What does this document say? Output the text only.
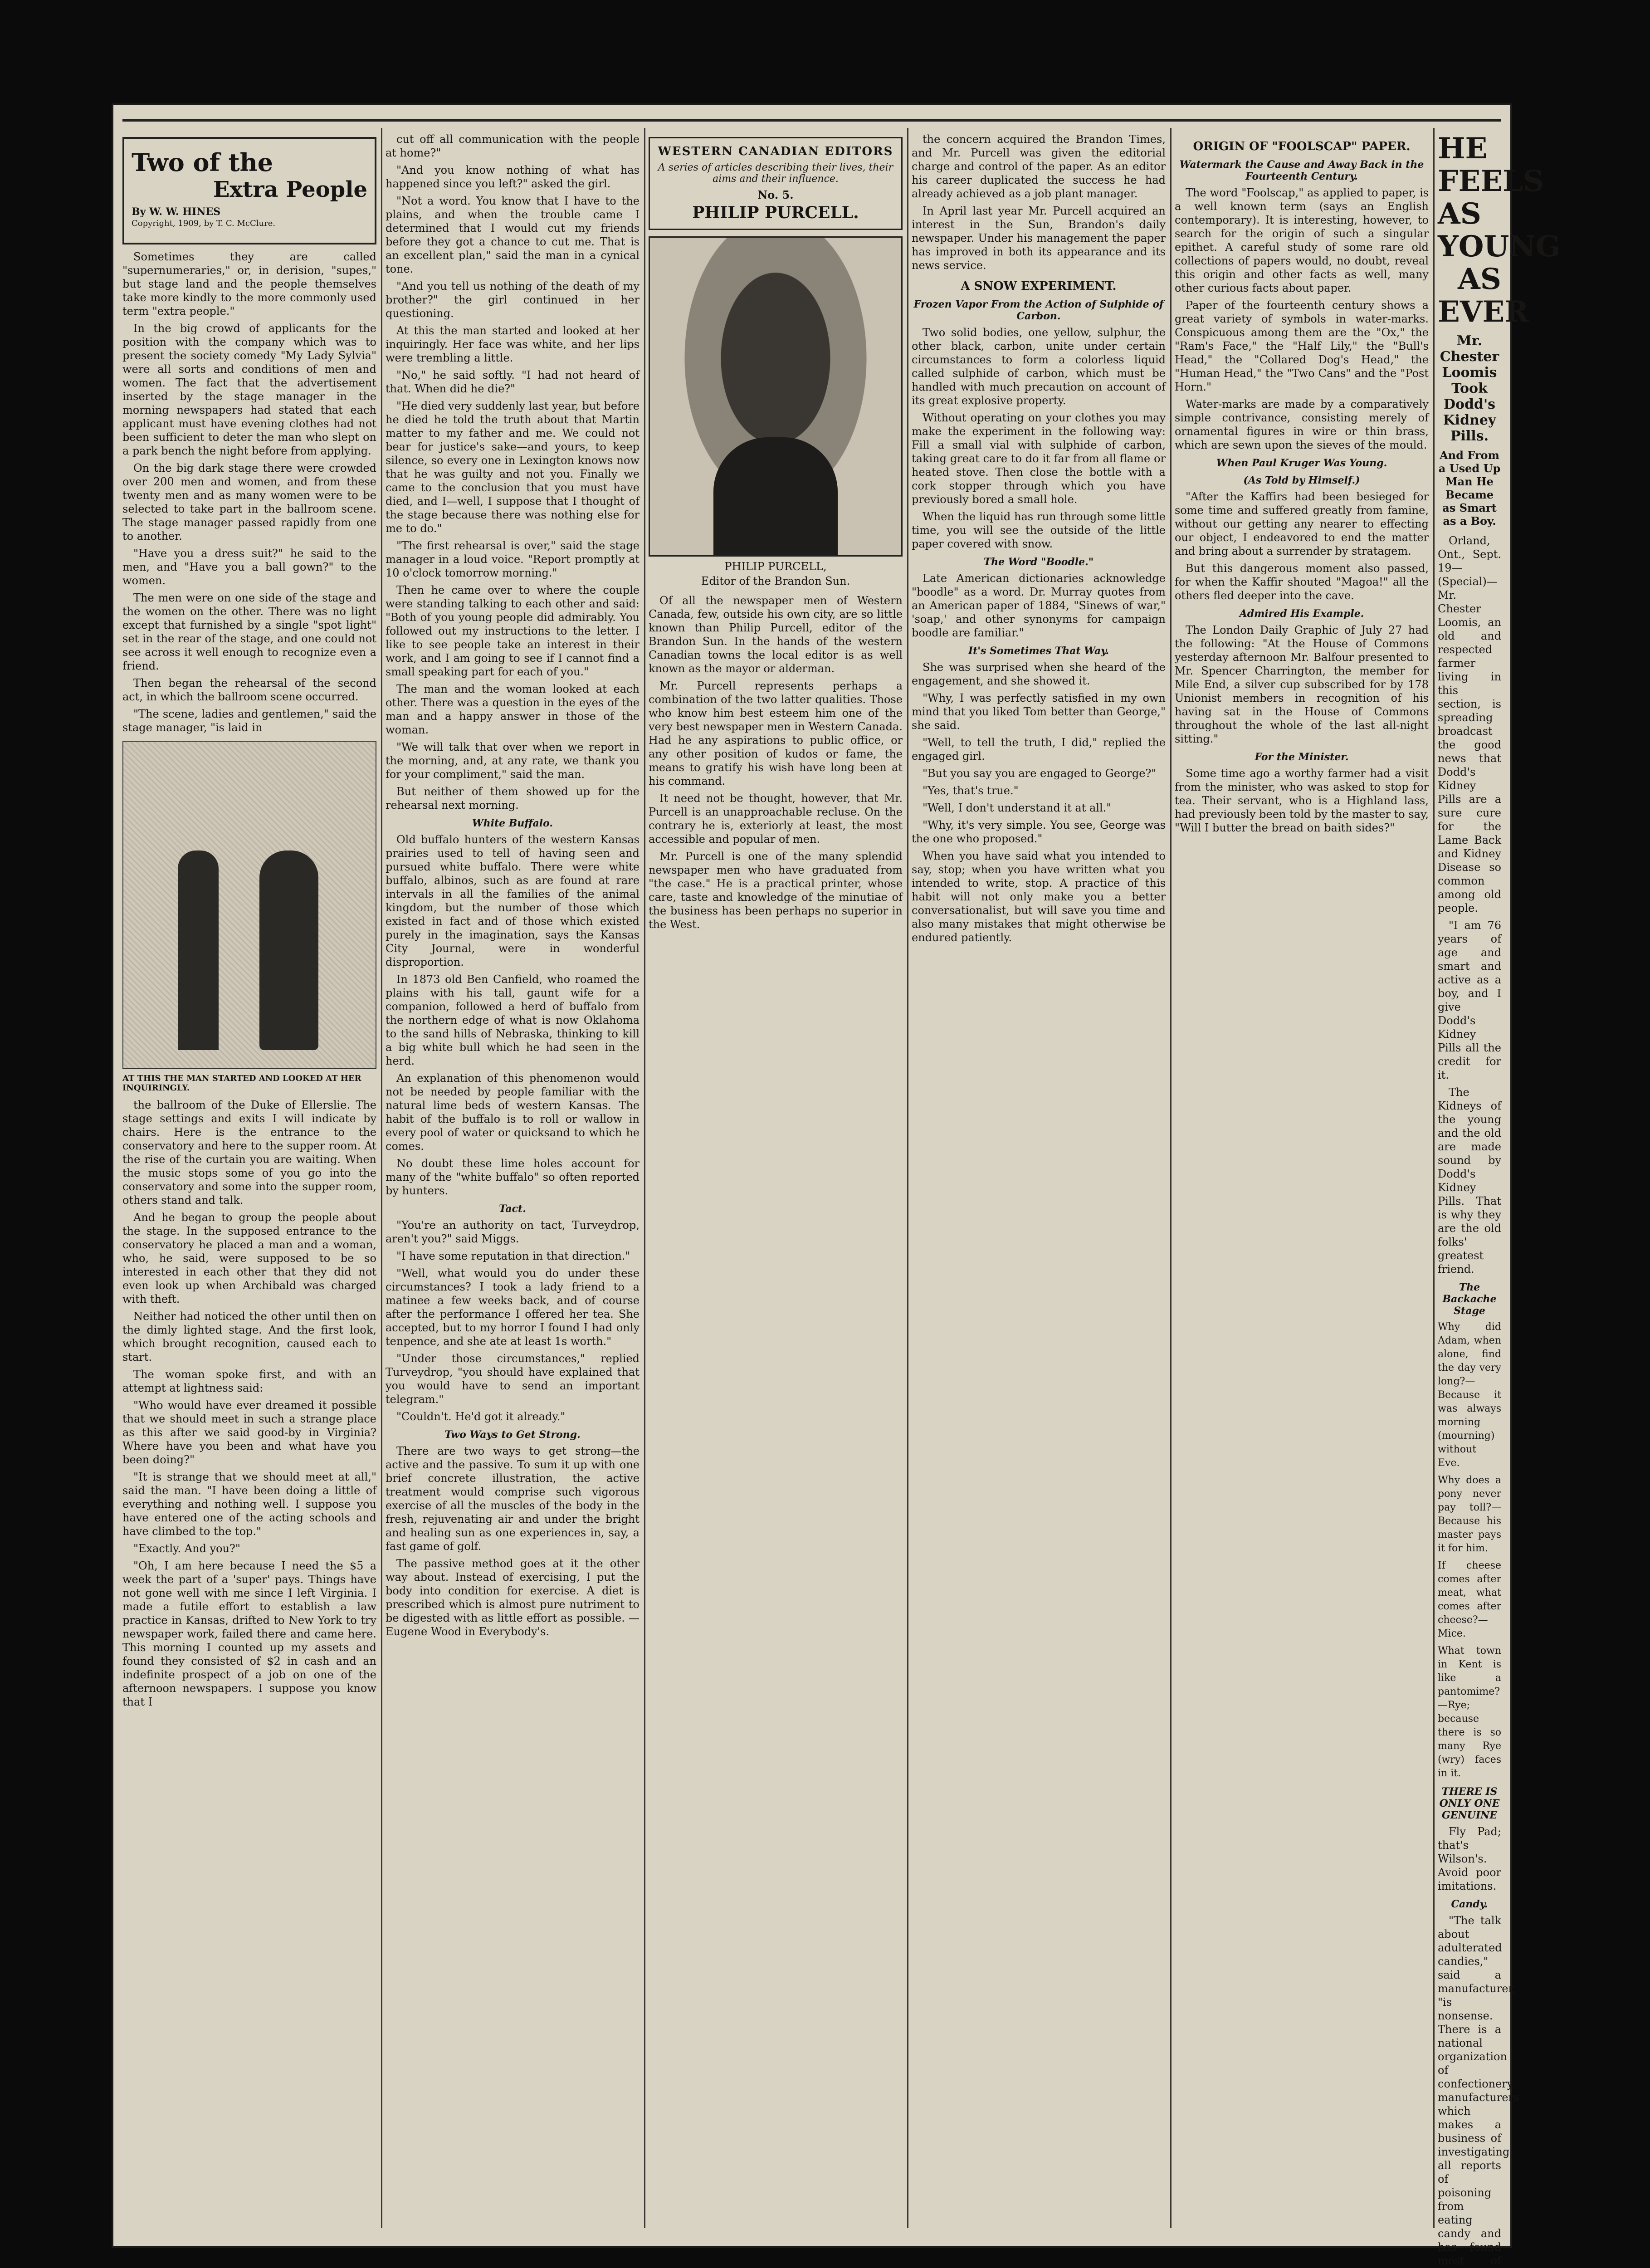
Two of the
Extra People
By W. W. HINES
Copyright, 1909, by T. C. McClure.

Sometimes they are called "supernumeraries," or, in derision, "supes," but stage land and the people themselves take more kindly to the more commonly used term "extra people."

In the big crowd of applicants for the position with the company which was to present the society comedy "My Lady Sylvia" were all sorts and conditions of men and women. The fact that the advertisement inserted by the stage manager in the morning newspapers had stated that each applicant must have evening clothes had not been sufficient to deter the man who slept on a park bench the night before from applying.

On the big dark stage there were crowded over 200 men and women, and from these twenty men and as many women were to be selected to take part in the ballroom scene. The stage manager passed rapidly from one to another.

"Have you a dress suit?" he said to the men, and "Have you a ball gown?" to the women.

The men were on one side of the stage and the women on the other. There was no light except that furnished by a single "spot light" set in the rear of the stage, and one could not see across it well enough to recognize even a friend.

Then began the rehearsal of the second act, in which the ballroom scene occurred.

"The scene, ladies and gentlemen," said the stage manager, "is laid in

AT THIS THE MAN STARTED AND LOOKED AT HER INQUIRINGLY.

the ballroom of the Duke of Ellerslie. The stage settings and exits I will indicate by chairs. Here is the entrance to the conservatory and here to the supper room. At the rise of the curtain you are waiting. When the music stops some of you go into the conservatory and some into the supper room, others stand and talk.

And he began to group the people about the stage. In the supposed entrance to the conservatory he placed a man and a woman, who, he said, were supposed to be so interested in each other that they did not even look up when Archibald was charged with theft.

Neither had noticed the other until then on the dimly lighted stage. And the first look, which brought recognition, caused each to start.

The woman spoke first, and with an attempt at lightness said:

"Who would have ever dreamed it possible that we should meet in such a strange place as this after we said good-by in Virginia? Where have you been and what have you been doing?"

"It is strange that we should meet at all," said the man. "I have been doing a little of everything and nothing well. I suppose you have entered one of the acting schools and have climbed to the top."

"Exactly. And you?"

"Oh, I am here because I need the $5 a week the part of a 'super' pays. Things have not gone well with me since I left Virginia. I made a futile effort to establish a law practice in Kansas, drifted to New York to try newspaper work, failed there and came here. This morning I counted up my assets and found they consisted of $2 in cash and an indefinite prospect of a job on one of the afternoon newspapers. I suppose you know that I

cut off all communication with the people at home?"

"And you know nothing of what has happened since you left?" asked the girl.

"Not a word. You know that I have to the plains, and when the trouble came I determined that I would cut my friends before they got a chance to cut me. That is an excellent plan," said the man in a cynical tone.

"And you tell us nothing of the death of my brother?" the girl continued in her questioning.

At this the man started and looked at her inquiringly. Her face was white, and her lips were trembling a little.

"No," he said softly. "I had not heard of that. When did he die?"

"He died very suddenly last year, but before he died he told the truth about that Martin matter to my father and me. We could not bear for justice's sake—and yours, to keep silence, so every one in Lexington knows now that he was guilty and not you. Finally we came to the conclusion that you must have died, and I—well, I suppose that I thought of the stage because there was nothing else for me to do."

"The first rehearsal is over," said the stage manager in a loud voice. "Report promptly at 10 o'clock tomorrow morning."

Then he came over to where the couple were standing talking to each other and said: "Both of you young people did admirably. You followed out my instructions to the letter. I like to see people take an interest in their work, and I am going to see if I cannot find a small speaking part for each of you."

The man and the woman looked at each other. There was a question in the eyes of the man and a happy answer in those of the woman.

"We will talk that over when we report in the morning, and, at any rate, we thank you for your compliment," said the man.

But neither of them showed up for the rehearsal next morning.

White Buffalo.

Old buffalo hunters of the western Kansas prairies used to tell of having seen and pursued white buffalo. There were white buffalo, albinos, such as are found at rare intervals in all the families of the animal kingdom, but the number of those which existed in fact and of those which existed purely in the imagination, says the Kansas City Journal, were in wonderful disproportion.

In 1873 old Ben Canfield, who roamed the plains with his tall, gaunt wife for a companion, followed a herd of buffalo from the northern edge of what is now Oklahoma to the sand hills of Nebraska, thinking to kill a big white bull which he had seen in the herd.

An explanation of this phenomenon would not be needed by people familiar with the natural lime beds of western Kansas. The habit of the buffalo is to roll or wallow in every pool of water or quicksand to which he comes.

No doubt these lime holes account for many of the "white buffalo" so often reported by hunters.

Tact.

"You're an authority on tact, Turveydrop, aren't you?" said Miggs.

"I have some reputation in that direction."

"Well, what would you do under these circumstances? I took a lady friend to a matinee a few weeks back, and of course after the performance I offered her tea. She accepted, but to my horror I found I had only tenpence, and she ate at least 1s worth."

"Under those circumstances," replied Turveydrop, "you should have explained that you would have to send an important telegram."

"Couldn't. He'd got it already."

Two Ways to Get Strong.

There are two ways to get strong—the active and the passive. To sum it up with one brief concrete illustration, the active treatment would comprise such vigorous exercise of all the muscles of the body in the fresh, rejuvenating air and under the bright and healing sun as one experiences in, say, a fast game of golf.

The passive method goes at it the other way about. Instead of exercising, I put the body into condition for exercise. A diet is prescribed which is almost pure nutriment to be digested with as little effort as possible. —Eugene Wood in Everybody's.

WESTERN CANADIAN EDITORS
A series of articles describing their lives, their aims and their influence.
No. 5.
PHILIP PURCELL.
PHILIP PURCELL,
Editor of the Brandon Sun.

Of all the newspaper men of Western Canada, few, outside his own city, are so little known than Philip Purcell, editor of the Brandon Sun. In the hands of the western Canadian towns the local editor is as well known as the mayor or alderman.

Mr. Purcell represents perhaps a combination of the two latter qualities. Those who know him best esteem him one of the very best newspaper men in Western Canada. Had he any aspirations to public office, or any other position of kudos or fame, the means to gratify his wish have long been at his command.

It need not be thought, however, that Mr. Purcell is an unapproachable recluse. On the contrary he is, exteriorly at least, the most accessible and popular of men.

Mr. Purcell is one of the many splendid newspaper men who have graduated from "the case." He is a practical printer, whose care, taste and knowledge of the minutiae of the business has been perhaps no superior in the West.

the concern acquired the Brandon Times, and Mr. Purcell was given the editorial charge and control of the paper. As an editor his career duplicated the success he had already achieved as a job plant manager.

In April last year Mr. Purcell acquired an interest in the Sun, Brandon's daily newspaper. Under his management the paper has improved in both its appearance and its news service.

A SNOW EXPERIMENT.
Frozen Vapor From the Action of Sulphide of Carbon.

Two solid bodies, one yellow, sulphur, the other black, carbon, unite under certain circumstances to form a colorless liquid called sulphide of carbon, which must be handled with much precaution on account of its great explosive property.

Without operating on your clothes you may make the experiment in the following way: Fill a small vial with sulphide of carbon, taking great care to do it far from all flame or heated stove. Then close the bottle with a cork stopper through which you have previously bored a small hole.

When the liquid has run through some little time, you will see the outside of the little paper covered with snow.

The Word "Boodle."

Late American dictionaries acknowledge "boodle" as a word. Dr. Murray quotes from an American paper of 1884, "Sinews of war," 'soap,' and other synonyms for campaign boodle are familiar."

It's Sometimes That Way.

She was surprised when she heard of the engagement, and she showed it.

"Why, I was perfectly satisfied in my own mind that you liked Tom better than George," she said.

"Well, to tell the truth, I did," replied the engaged girl.

"But you say you are engaged to George?"

"Yes, that's true."

"Well, I don't understand it at all."

"Why, it's very simple. You see, George was the one who proposed."

When you have said what you intended to say, stop; when you have written what you intended to write, stop. A practice of this habit will not only make you a better conversationalist, but will save you time and also many mistakes that might otherwise be endured patiently.

ORIGIN OF "FOOLSCAP" PAPER.
Watermark the Cause and Away Back in the Fourteenth Century.

The word "Foolscap," as applied to paper, is a well known term (says an English contemporary). It is interesting, however, to search for the origin of such a singular epithet. A careful study of some rare old collections of papers would, no doubt, reveal this origin and other facts as well, many other curious facts about paper.

Paper of the fourteenth century shows a great variety of symbols in water-marks. Conspicuous among them are the "Ox," the "Ram's Face," the "Half Lily," the "Bull's Head," the "Collared Dog's Head," the "Human Head," the "Two Cans" and the "Post Horn."

Water-marks are made by a comparatively simple contrivance, consisting merely of ornamental figures in wire or thin brass, which are sewn upon the sieves of the mould.

When Paul Kruger Was Young.
(As Told by Himself.)

"After the Kaffirs had been besieged for some time and suffered greatly from famine, without our getting any nearer to effecting our object, I endeavored to end the matter and bring about a surrender by stratagem.

But this dangerous moment also passed, for when the Kaffir shouted "Magoa!" all the others fled deeper into the cave.

Admired His Example.

The London Daily Graphic of July 27 had the following: "At the House of Commons yesterday afternoon Mr. Balfour presented to Mr. Spencer Charrington, the member for Mile End, a silver cup subscribed for by 178 Unionist members in recognition of his having sat in the House of Commons throughout the whole of the last all-night sitting."

For the Minister.

Some time ago a worthy farmer had a visit from the minister, who was asked to stop for tea. Their servant, who is a Highland lass, had previously been told by the master to say, "Will I butter the bread on baith sides?"

HE FEELS AS
YOUNG AS EVER
Mr. Chester Loomis Took Dodd's Kidney Pills.
And From a Used Up Man He Became as Smart as a Boy.

Orland, Ont., Sept. 19—(Special)—Mr. Chester Loomis, an old and respected farmer living in this section, is spreading broadcast the good news that Dodd's Kidney Pills are a sure cure for the Lame Back and Kidney Disease so common among old people.

"I am 76 years of age and smart and active as a boy, and I give Dodd's Kidney Pills all the credit for it.

The Kidneys of the young and the old are made sound by Dodd's Kidney Pills. That is why they are the old folks' greatest friend.

The Backache Stage

Why did Adam, when alone, find the day very long?—Because it was always morning (mourning) without Eve.

Why does a pony never pay toll?—Because his master pays it for him.

If cheese comes after meat, what comes after cheese?—Mice.

What town in Kent is like a pantomime?—Rye; because there is so many Rye (wry) faces in it.

THERE IS ONLY ONE GENUINE

Fly Pad; that's Wilson's. Avoid poor imitations.

Candy.

"The talk about adulterated candies," said a manufacturer, "is nonsense. There is a national organization of confectionery manufacturers which makes a business of investigating all reports of poisoning from eating candy and has found most of
